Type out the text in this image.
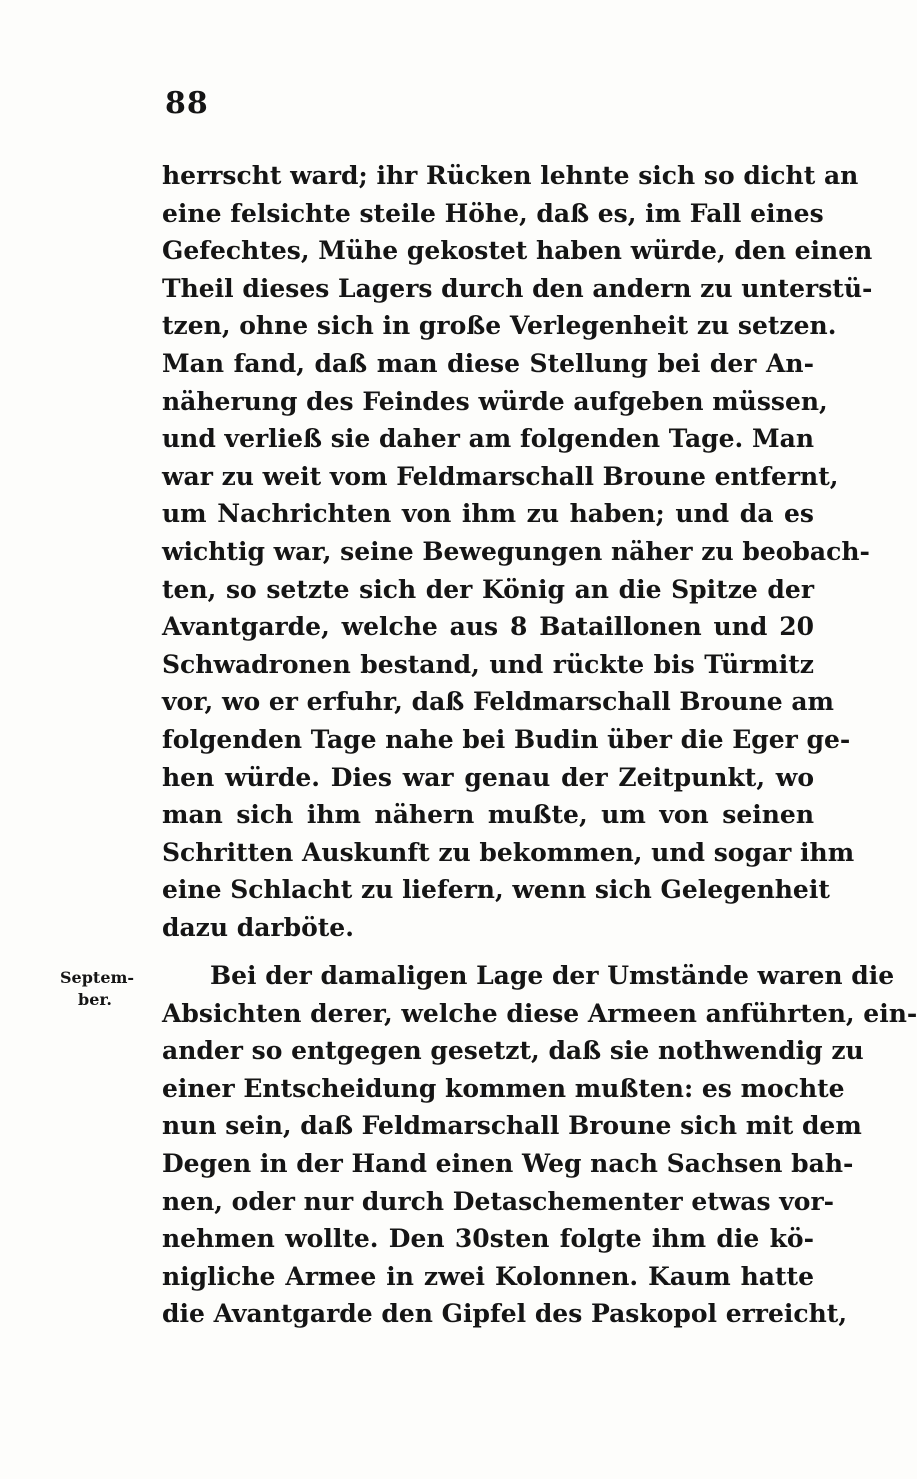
88
Septem-
ber.
herrscht ward; ihr Rücken lehnte sich so dicht an
eine felsichte steile Höhe, daß es, im Fall eines
Gefechtes, Mühe gekostet haben würde, den einen
Theil dieses Lagers durch den andern zu unterstü-
tzen, ohne sich in große Verlegenheit zu setzen.
Man fand, daß man diese Stellung bei der An-
näherung des Feindes würde aufgeben müssen,
und verließ sie daher am folgenden Tage. Man
war zu weit vom Feldmarschall Broune entfernt,
um Nachrichten von ihm zu haben; und da es
wichtig war, seine Bewegungen näher zu beobach-
ten, so setzte sich der König an die Spitze der
Avantgarde, welche aus 8 Bataillonen und 20
Schwadronen bestand, und rückte bis Türmitz
vor, wo er erfuhr, daß Feldmarschall Broune am
folgenden Tage nahe bei Budin über die Eger ge-
hen würde. Dies war genau der Zeitpunkt, wo
man sich ihm nähern mußte, um von seinen
Schritten Auskunft zu bekommen, und sogar ihm
eine Schlacht zu liefern, wenn sich Gelegenheit
dazu darböte.
Bei der damaligen Lage der Umstände waren die
Absichten derer, welche diese Armeen anführten, ein-
ander so entgegen gesetzt, daß sie nothwendig zu
einer Entscheidung kommen mußten: es mochte
nun sein, daß Feldmarschall Broune sich mit dem
Degen in der Hand einen Weg nach Sachsen bah-
nen, oder nur durch Detaschementer etwas vor-
nehmen wollte. Den 30sten folgte ihm die kö-
nigliche Armee in zwei Kolonnen. Kaum hatte
die Avantgarde den Gipfel des Paskopol erreicht,
